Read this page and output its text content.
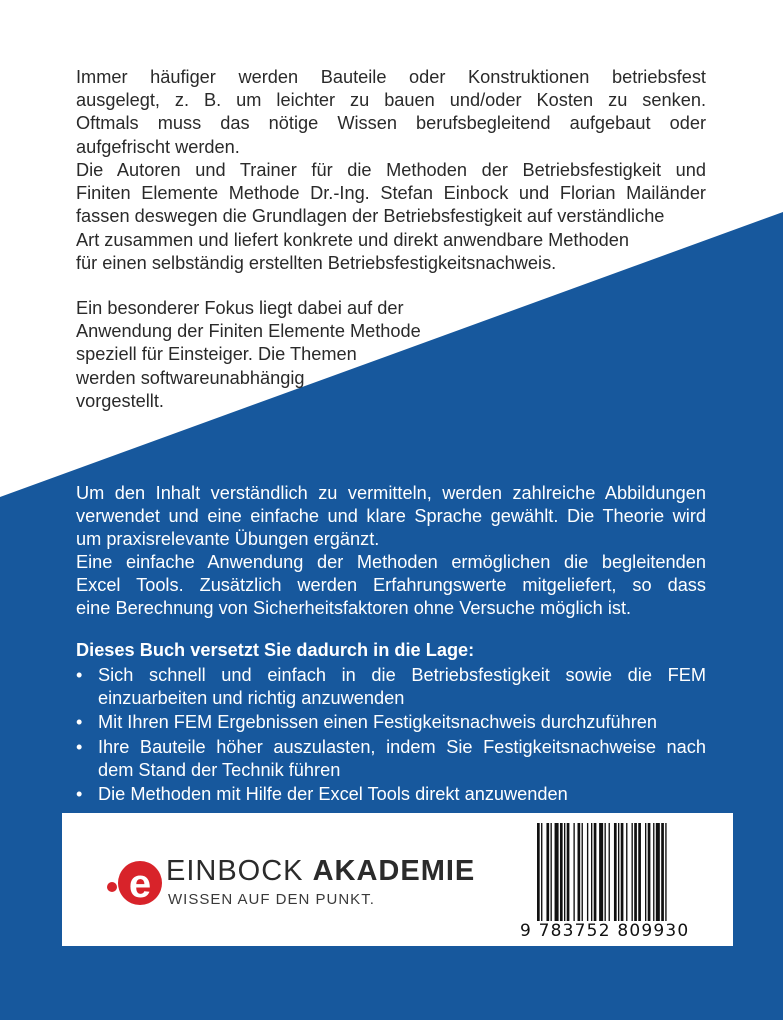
Immer häufiger werden Bauteile oder Konstruktionen betriebsfest
ausgelegt, z. B. um leichter zu bauen und/oder Kosten zu senken.
Oftmals muss das nötige Wissen berufsbegleitend aufgebaut oder
aufgefrischt werden.
Die Autoren und Trainer für die Methoden der Betriebsfestigkeit und
Finiten Elemente Methode Dr.-Ing. Stefan Einbock und Florian Mailänder
fassen deswegen die Grundlagen der Betriebsfestigkeit auf verständliche
Art zusammen und liefert konkrete und direkt anwendbare Methoden
für einen selbständig erstellten Betriebsfestigkeitsnachweis.
Ein besonderer Fokus liegt dabei auf der
Anwendung der Finiten Elemente Methode
speziell für Einsteiger. Die Themen
werden softwareunabhängig
vorgestellt.
Um den Inhalt verständlich zu vermitteln, werden zahlreiche Abbildungen
verwendet und eine einfache und klare Sprache gewählt. Die Theorie wird
um praxisrelevante Übungen ergänzt.
Eine einfache Anwendung der Methoden ermöglichen die begleitenden
Excel Tools. Zusätzlich werden Erfahrungswerte mitgeliefert, so dass
eine Berechnung von Sicherheitsfaktoren ohne Versuche möglich ist.

Dieses Buch versetzt Sie dadurch in die Lage:

• Sich schnell und einfach in die Betriebsfestigkeit sowie die FEM einzuarbeiten und richtig anzuwenden
• Mit Ihren FEM Ergebnissen einen Festigkeitsnachweis durchzuführen
• Ihre Bauteile höher auszulasten, indem Sie Festigkeitsnachweise nach dem Stand der Technik führen
• Die Methoden mit Hilfe der Excel Tools direkt anzuwenden
e EINBOCK AKADEMIE
WISSEN AUF DEN PUNKT.
9 783752 809930
